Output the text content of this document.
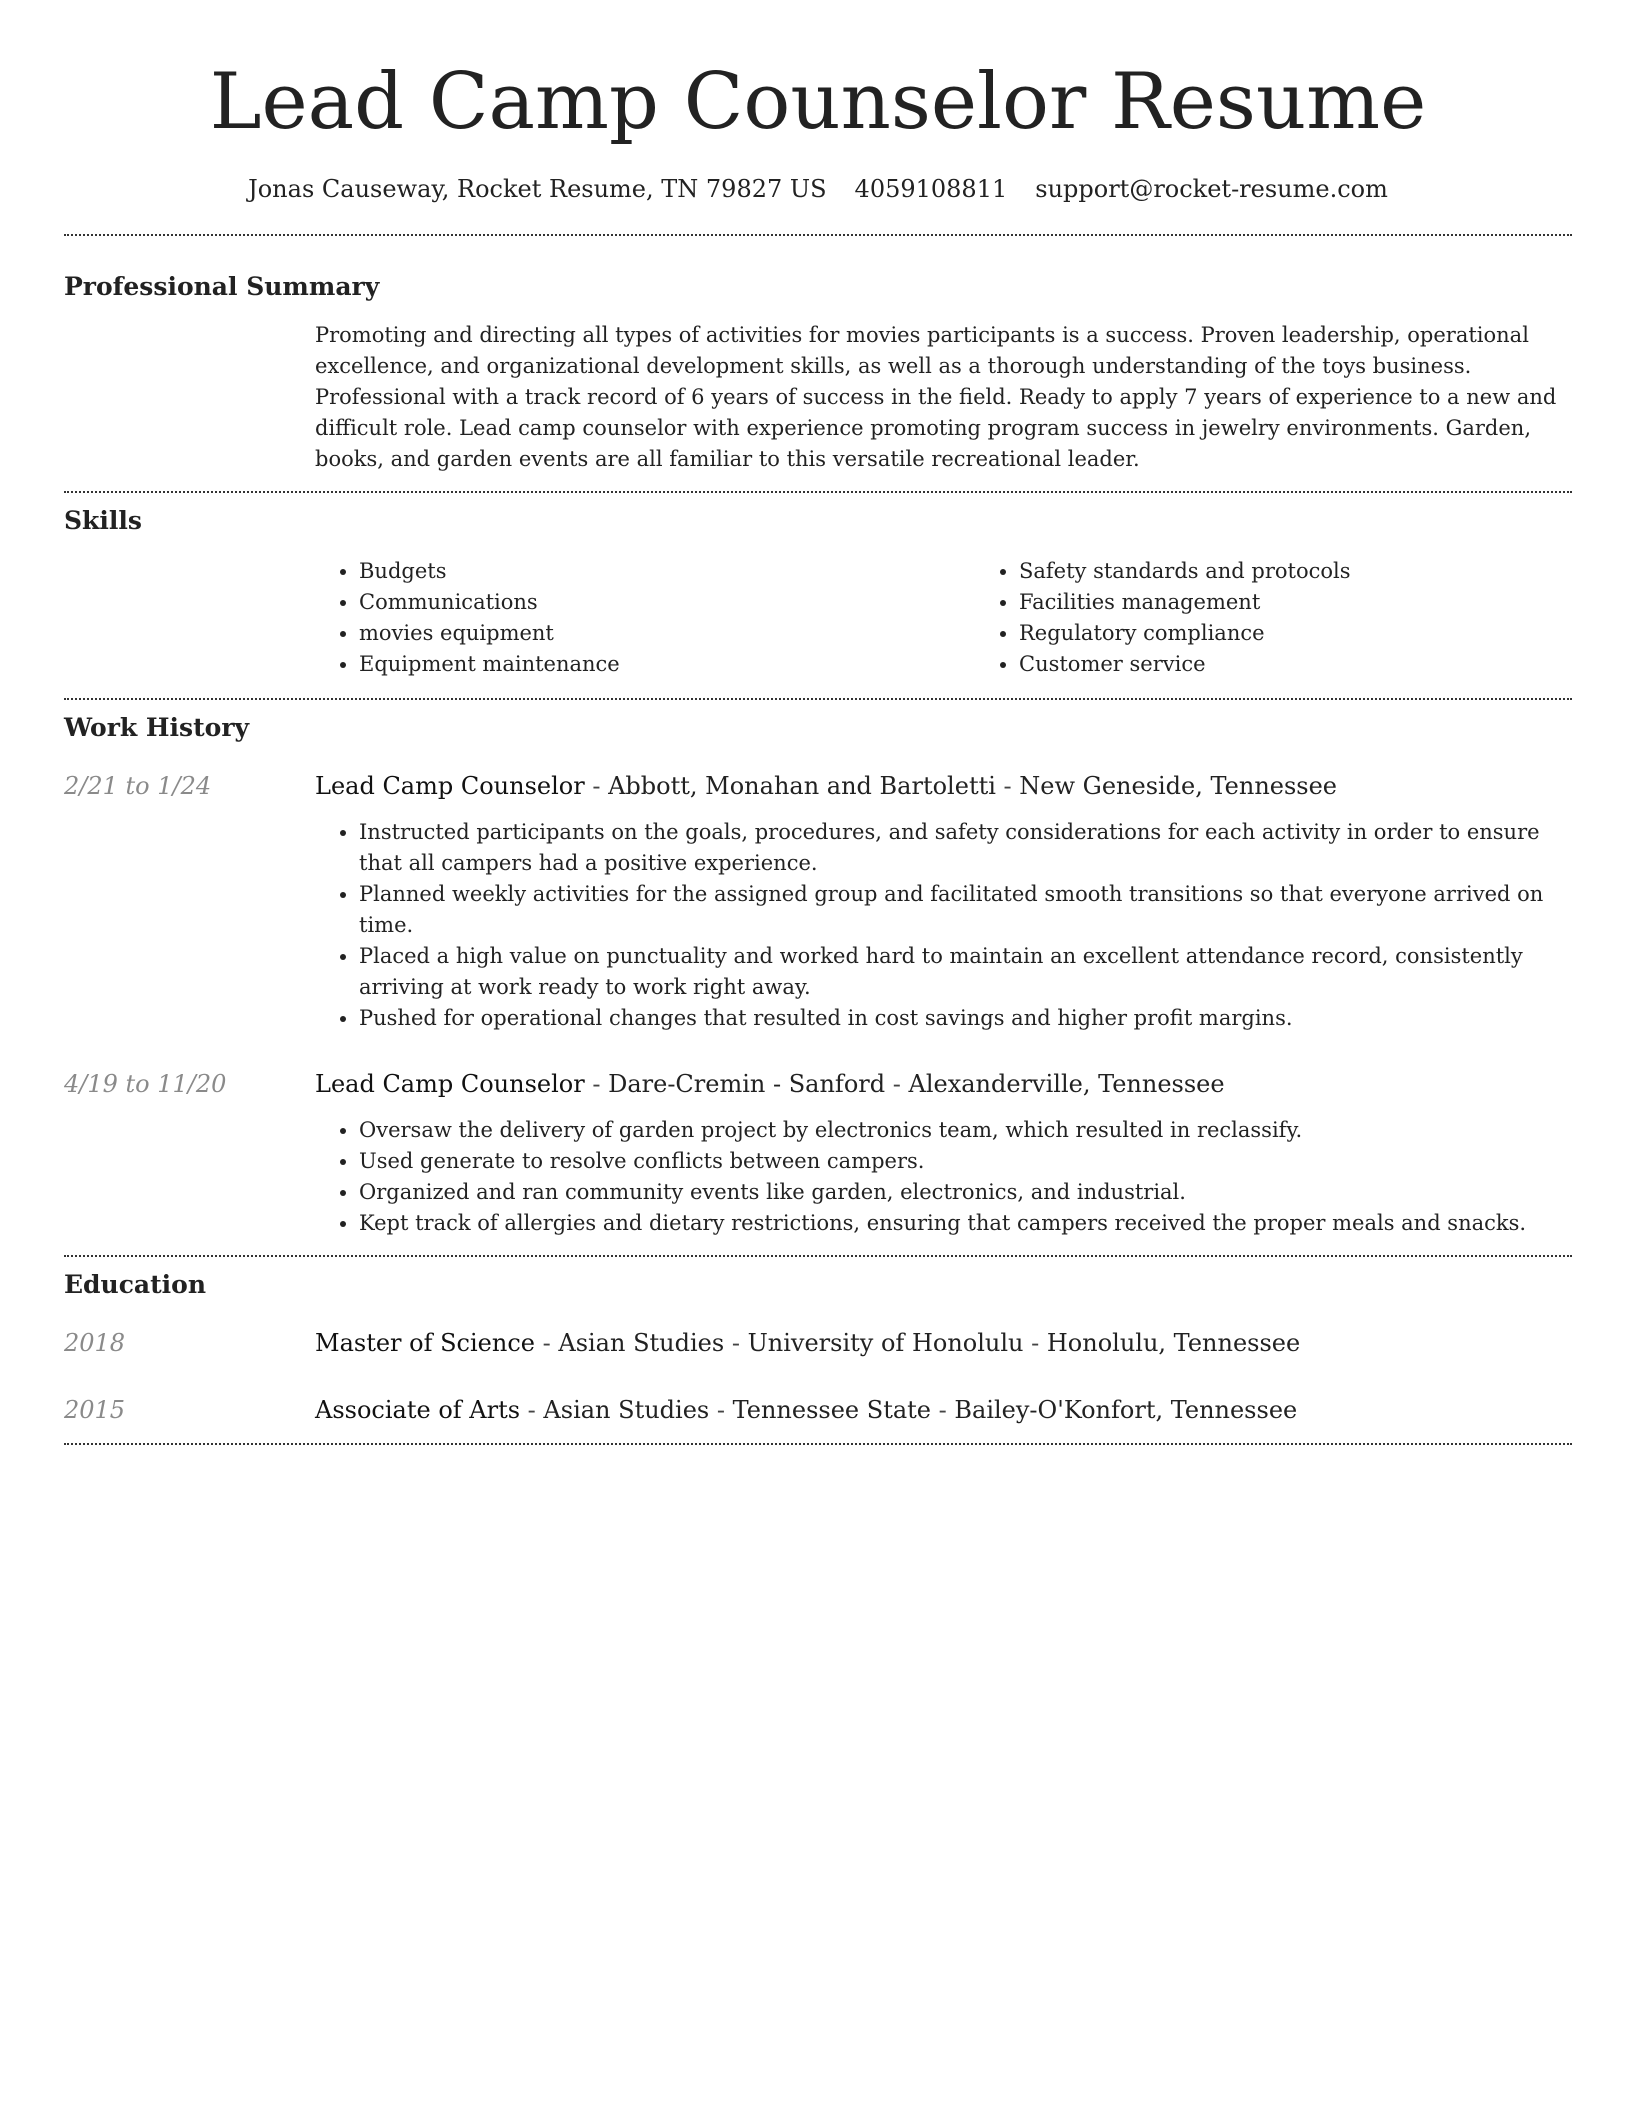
Lead Camp Counselor Resume
Jonas Causeway, Rocket Resume, TN 79827 US 4059108811 support@rocket-resume.com
Professional Summary

Promoting and directing all types of activities for movies participants is a success. Proven leadership, operational excellence, and organizational development skills, as well as a thorough understanding of the toys business. Professional with a track record of 6 years of success in the field. Ready to apply 7 years of experience to a new and difficult role. Lead camp counselor with experience promoting program success in jewelry environments. Garden, books, and garden events are all familiar to this versatile recreational leader.

Skills
• Budgets
• Communications
• movies equipment
• Equipment maintenance
• Safety standards and protocols
• Facilities management
• Regulatory compliance
• Customer service
Work History
2/21 to 1/24	Lead Camp Counselor - Abbott, Monahan and Bartoletti - New Geneside, Tennessee
• Instructed participants on the goals, procedures, and safety considerations for each activity in order to ensure that all campers had a positive experience.
• Planned weekly activities for the assigned group and facilitated smooth transitions so that everyone arrived on time.
• Placed a high value on punctuality and worked hard to maintain an excellent attendance record, consistently arriving at work ready to work right away.
• Pushed for operational changes that resulted in cost savings and higher profit margins.
4/19 to 11/20	Lead Camp Counselor - Dare-Cremin - Sanford - Alexanderville, Tennessee
• Oversaw the delivery of garden project by electronics team, which resulted in reclassify.
• Used generate to resolve conflicts between campers.
• Organized and ran community events like garden, electronics, and industrial.
• Kept track of allergies and dietary restrictions, ensuring that campers received the proper meals and snacks.
Education
2018	Master of Science - Asian Studies - University of Honolulu - Honolulu, Tennessee
2015	Associate of Arts - Asian Studies - Tennessee State - Bailey-O'Konfort, Tennessee
